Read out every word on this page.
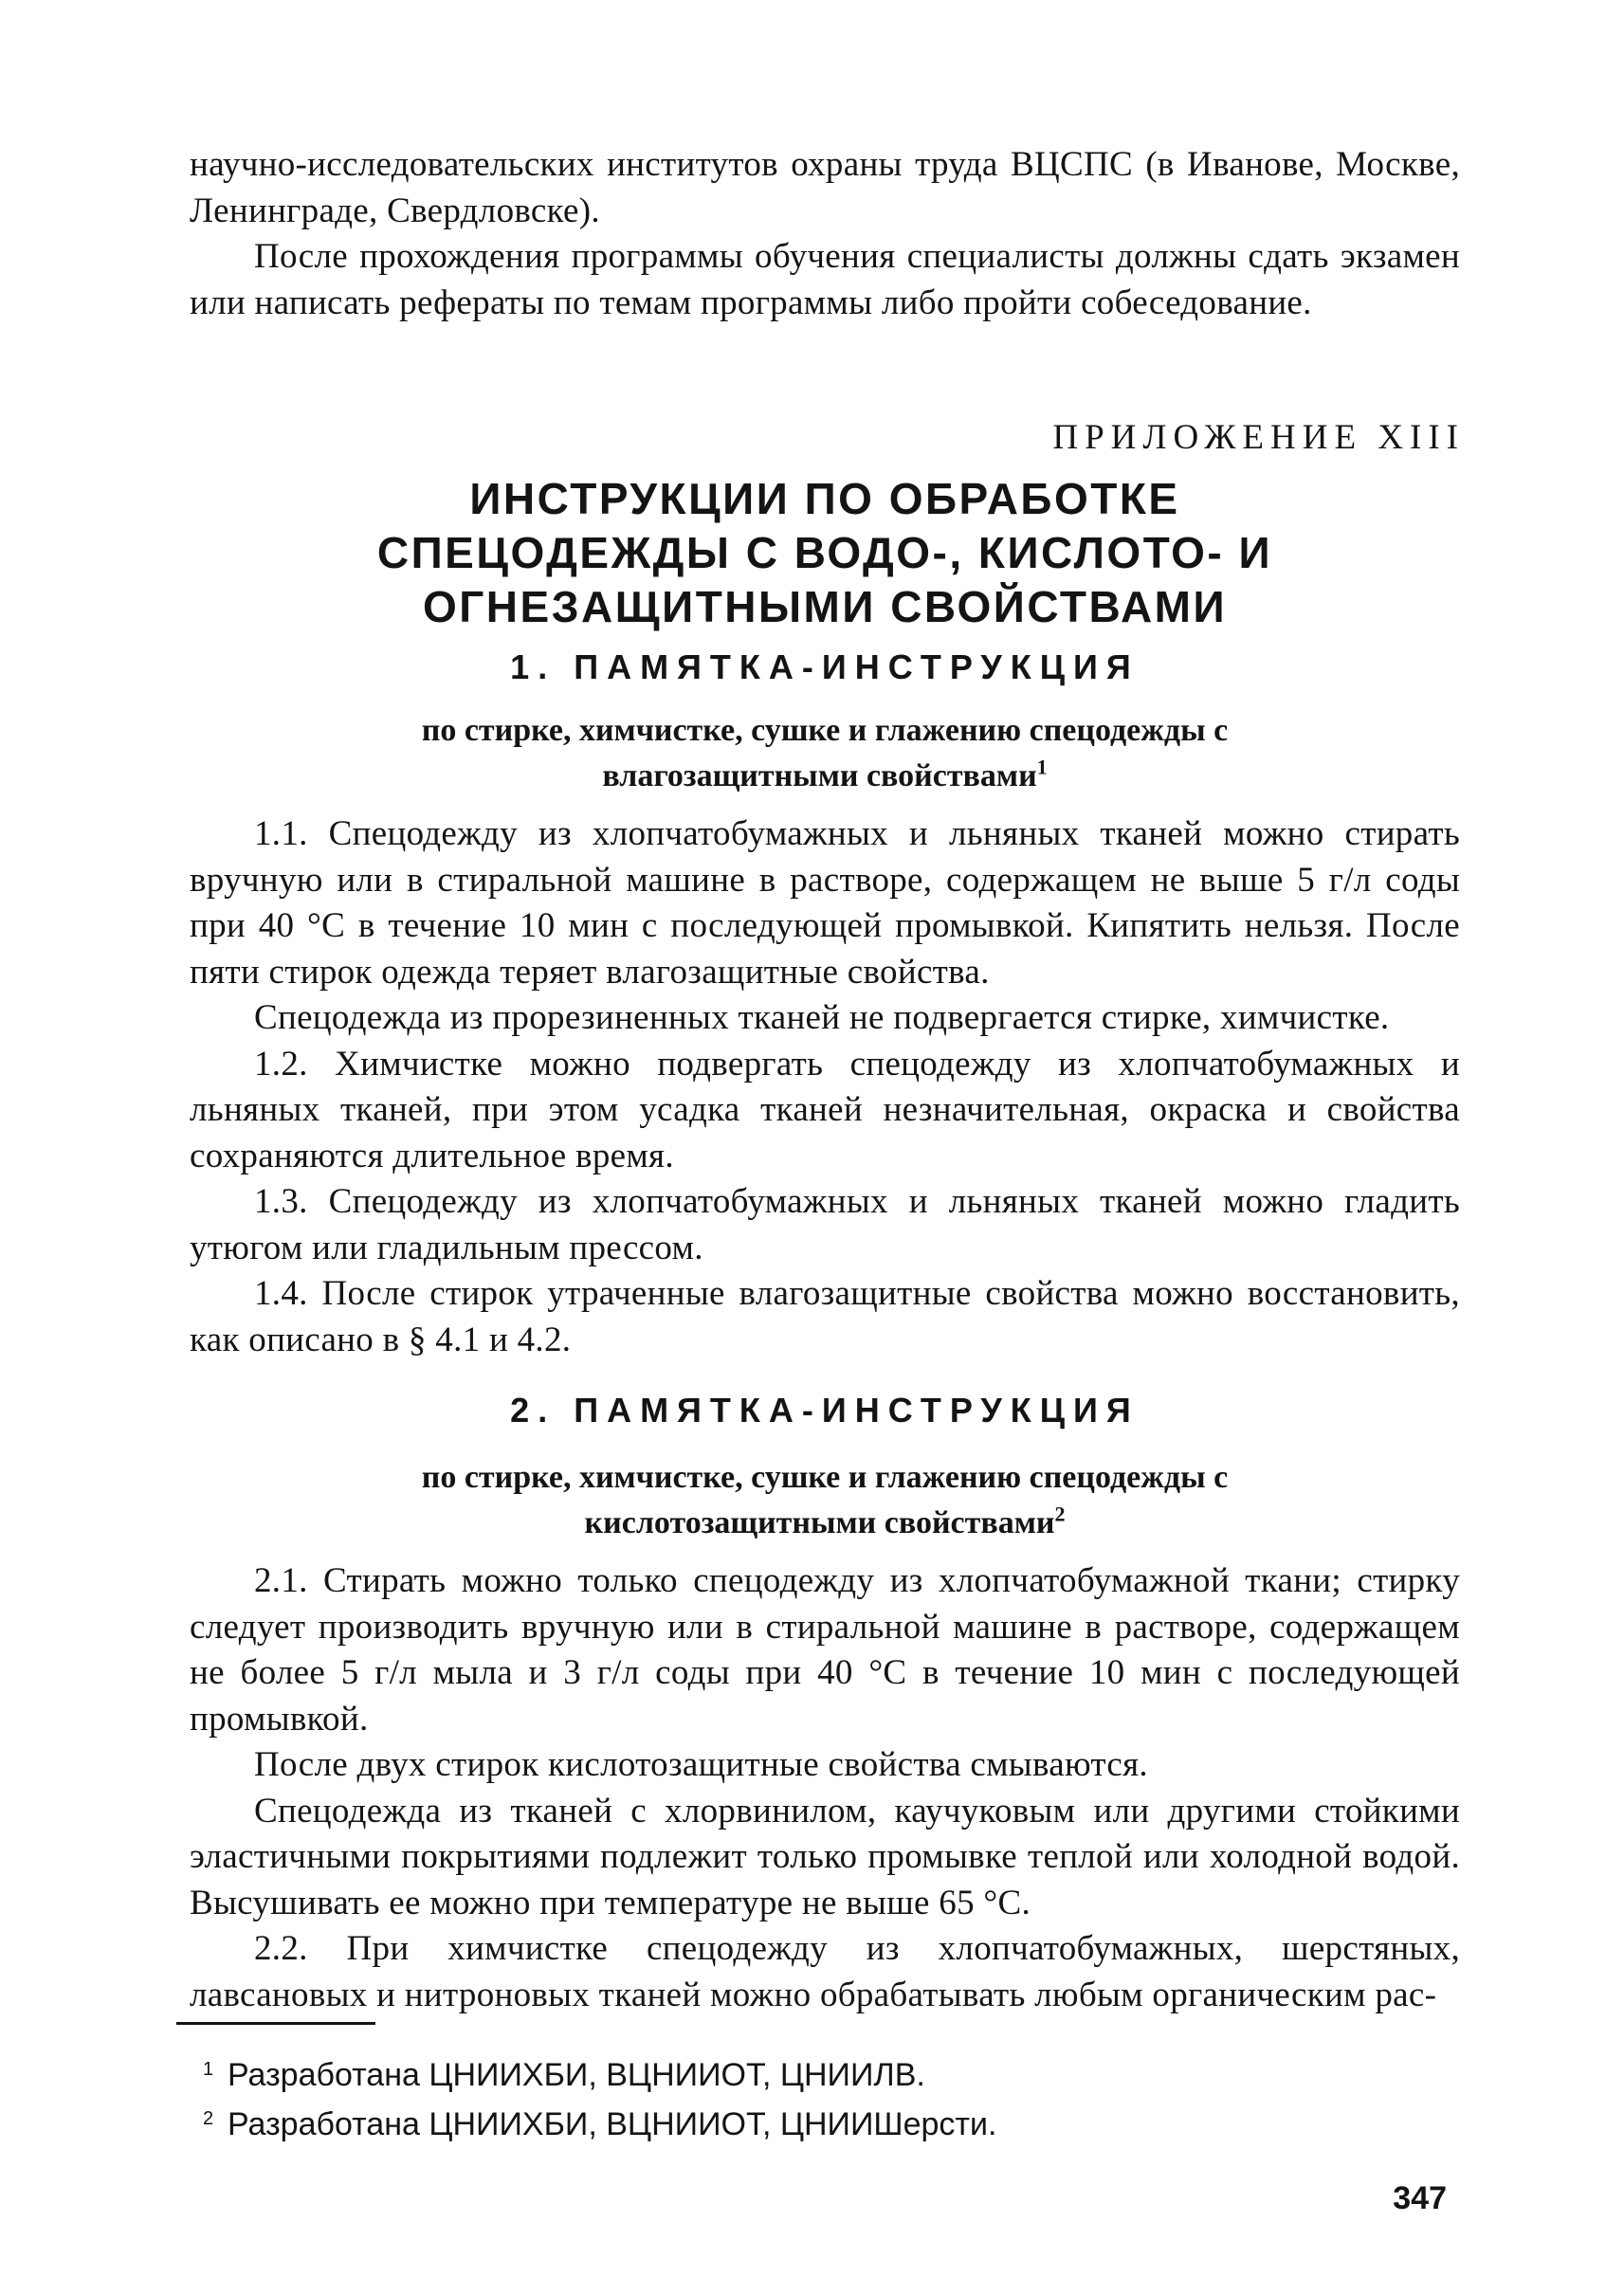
научно-исследовательских институтов охраны труда ВЦСПС (в Иванове, Москве, Ленинграде, Свердловске).

После прохождения программы обучения специалисты должны сдать экзамен или написать рефераты по темам программы либо пройти собеседование.

ПРИЛОЖЕНИЕ XIII
ИНСТРУКЦИИ ПО ОБРАБОТКЕ СПЕЦОДЕЖДЫ С ВОДО-, КИСЛОТО- И ОГНЕЗАЩИТНЫМИ СВОЙСТВАМИ
1. ПАМЯТКА-ИНСТРУКЦИЯ
по стирке, химчистке, сушке и глажению спецодежды с влагозащитными свойствами$^1$

1.1. Спецодежду из хлопчатобумажных и льняных тканей можно стирать вручную или в стиральной машине в растворе, содержащем не выше 5 г/л соды при 40 °С в течение 10 мин с последующей промывкой. Кипятить нельзя. После пяти стирок одежда теряет влагозащитные свойства.

Спецодежда из прорезиненных тканей не подвергается стирке, химчистке.

1.2. Химчистке можно подвергать спецодежду из хлопчатобумажных и льняных тканей, при этом усадка тканей незначительная, окраска и свойства сохраняются длительное время.

1.3. Спецодежду из хлопчатобумажных и льняных тканей можно гладить утюгом или гладильным прессом.

1.4. После стирок утраченные влагозащитные свойства можно восстановить, как описано в § 4.1 и 4.2.

2. ПАМЯТКА-ИНСТРУКЦИЯ
по стирке, химчистке, сушке и глажению спецодежды с кислотозащитными свойствами$^2$

2.1. Стирать можно только спецодежду из хлопчатобумажной ткани; стирку следует производить вручную или в стиральной машине в растворе, содержащем не более 5 г/л мыла и 3 г/л соды при 40 °С в течение 10 мин с последующей промывкой.

После двух стирок кислотозащитные свойства смываются.

Спецодежда из тканей с хлорвинилом, каучуковым или другими стойкими эластичными покрытиями подлежит только промывке теплой или холодной водой. Высушивать ее можно при температуре не выше 65 °С.

2.2. При химчистке спецодежду из хлопчатобумажных, шерстяных, лавсановых и нитроновых тканей можно обрабатывать любым органическим рас-

1 Разработана ЦНИИХБИ, ВЦНИИОТ, ЦНИИЛВ.

2 Разработана ЦНИИХБИ, ВЦНИИОТ, ЦНИИШерсти.

347
